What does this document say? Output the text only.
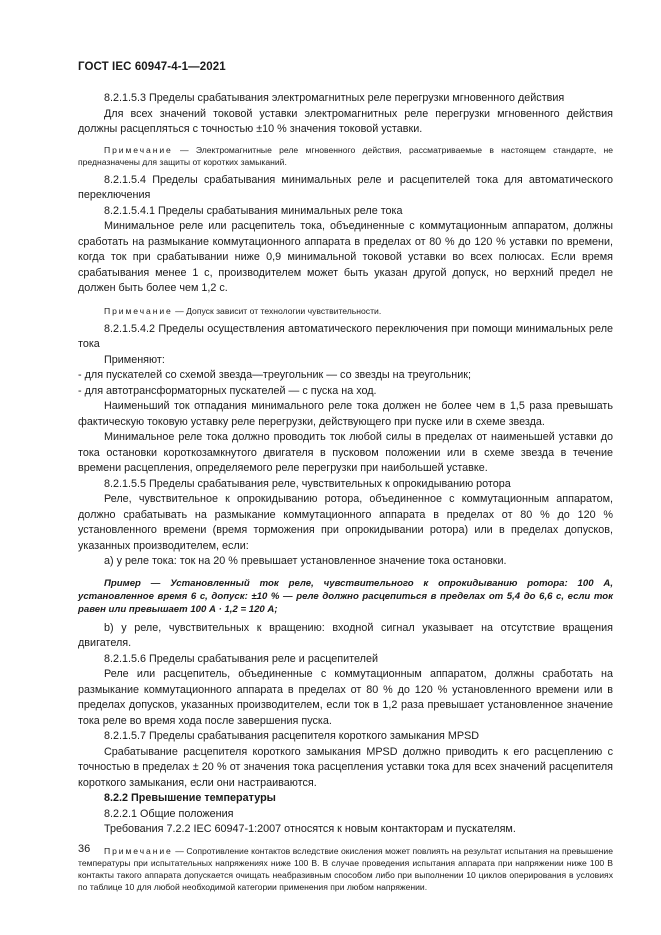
ГОСТ IEC 60947-4-1—2021

8.2.1.5.3 Пределы срабатывания электромагнитных реле перегрузки мгновенного действия

Для всех значений токовой уставки электромагнитных реле перегрузки мгновенного действия должны расцепляться с точностью ±10 % значения токовой уставки.

Примечание — Электромагнитные реле мгновенного действия, рассматриваемые в настоящем стандарте, не предназначены для защиты от коротких замыканий.

8.2.1.5.4 Пределы срабатывания минимальных реле и расцепителей тока для автоматического переключения

8.2.1.5.4.1 Пределы срабатывания минимальных реле тока

Минимальное реле или расцепитель тока, объединенные с коммутационным аппаратом, должны сработать на размыкание коммутационного аппарата в пределах от 80 % до 120 % уставки по времени, когда ток при срабатывании ниже 0,9 минимальной токовой уставки во всех полюсах. Если время срабатывания менее 1 с, производителем может быть указан другой допуск, но верхний предел не должен быть более чем 1,2 с.

Примечание — Допуск зависит от технологии чувствительности.

8.2.1.5.4.2 Пределы осуществления автоматического переключения при помощи минимальных реле тока

Применяют:

- для пускателей со схемой звезда—треугольник — со звезды на треугольник;

- для автотрансформаторных пускателей — с пуска на ход.

Наименьший ток отпадания минимального реле тока должен не более чем в 1,5 раза превышать фактическую токовую уставку реле перегрузки, действующего при пуске или в схеме звезда.

Минимальное реле тока должно проводить ток любой силы в пределах от наименьшей уставки до тока остановки короткозамкнутого двигателя в пусковом положении или в схеме звезда в течение времени расцепления, определяемого реле перегрузки при наибольшей уставке.

8.2.1.5.5 Пределы срабатывания реле, чувствительных к опрокидыванию ротора

Реле, чувствительное к опрокидыванию ротора, объединенное с коммутационным аппаратом, должно срабатывать на размыкание коммутационного аппарата в пределах от 80 % до 120 % установленного времени (время торможения при опрокидывании ротора) или в пределах допусков, указанных производителем, если:

а) у реле тока: ток на 20 % превышает установленное значение тока остановки.

Пример — Установленный ток реле, чувствительного к опрокидыванию ротора: 100 А, установленное время 6 с, допуск: ±10 % — реле должно расцепиться в пределах от 5,4 до 6,6 с, если ток равен или превышает 100 А · 1,2 = 120 А;

b) у реле, чувствительных к вращению: входной сигнал указывает на отсутствие вращения двигателя.

8.2.1.5.6 Пределы срабатывания реле и расцепителей

Реле или расцепитель, объединенные с коммутационным аппаратом, должны сработать на размыкание коммутационного аппарата в пределах от 80 % до 120 % установленного времени или в пределах допусков, указанных производителем, если ток в 1,2 раза превышает установленное значение тока реле во время хода после завершения пуска.

8.2.1.5.7 Пределы срабатывания расцепителя короткого замыкания MPSD

Срабатывание расцепителя короткого замыкания MPSD должно приводить к его расцеплению с точностью в пределах ± 20 % от значения тока расцепления уставки тока для всех значений расцепителя короткого замыкания, если они настраиваются.

8.2.2 Превышение температуры

8.2.2.1 Общие положения

Требования 7.2.2 IEC 60947-1:2007 относятся к новым контакторам и пускателям.

Примечание — Сопротивление контактов вследствие окисления может повлиять на результат испытания на превышение температуры при испытательных напряжениях ниже 100 В. В случае проведения испытания аппарата при напряжении ниже 100 В контакты такого аппарата допускается очищать неабразивным способом либо при выполнении 10 циклов оперирования в условиях по таблице 10 для любой необходимой категории применения при любом напряжении.

36
